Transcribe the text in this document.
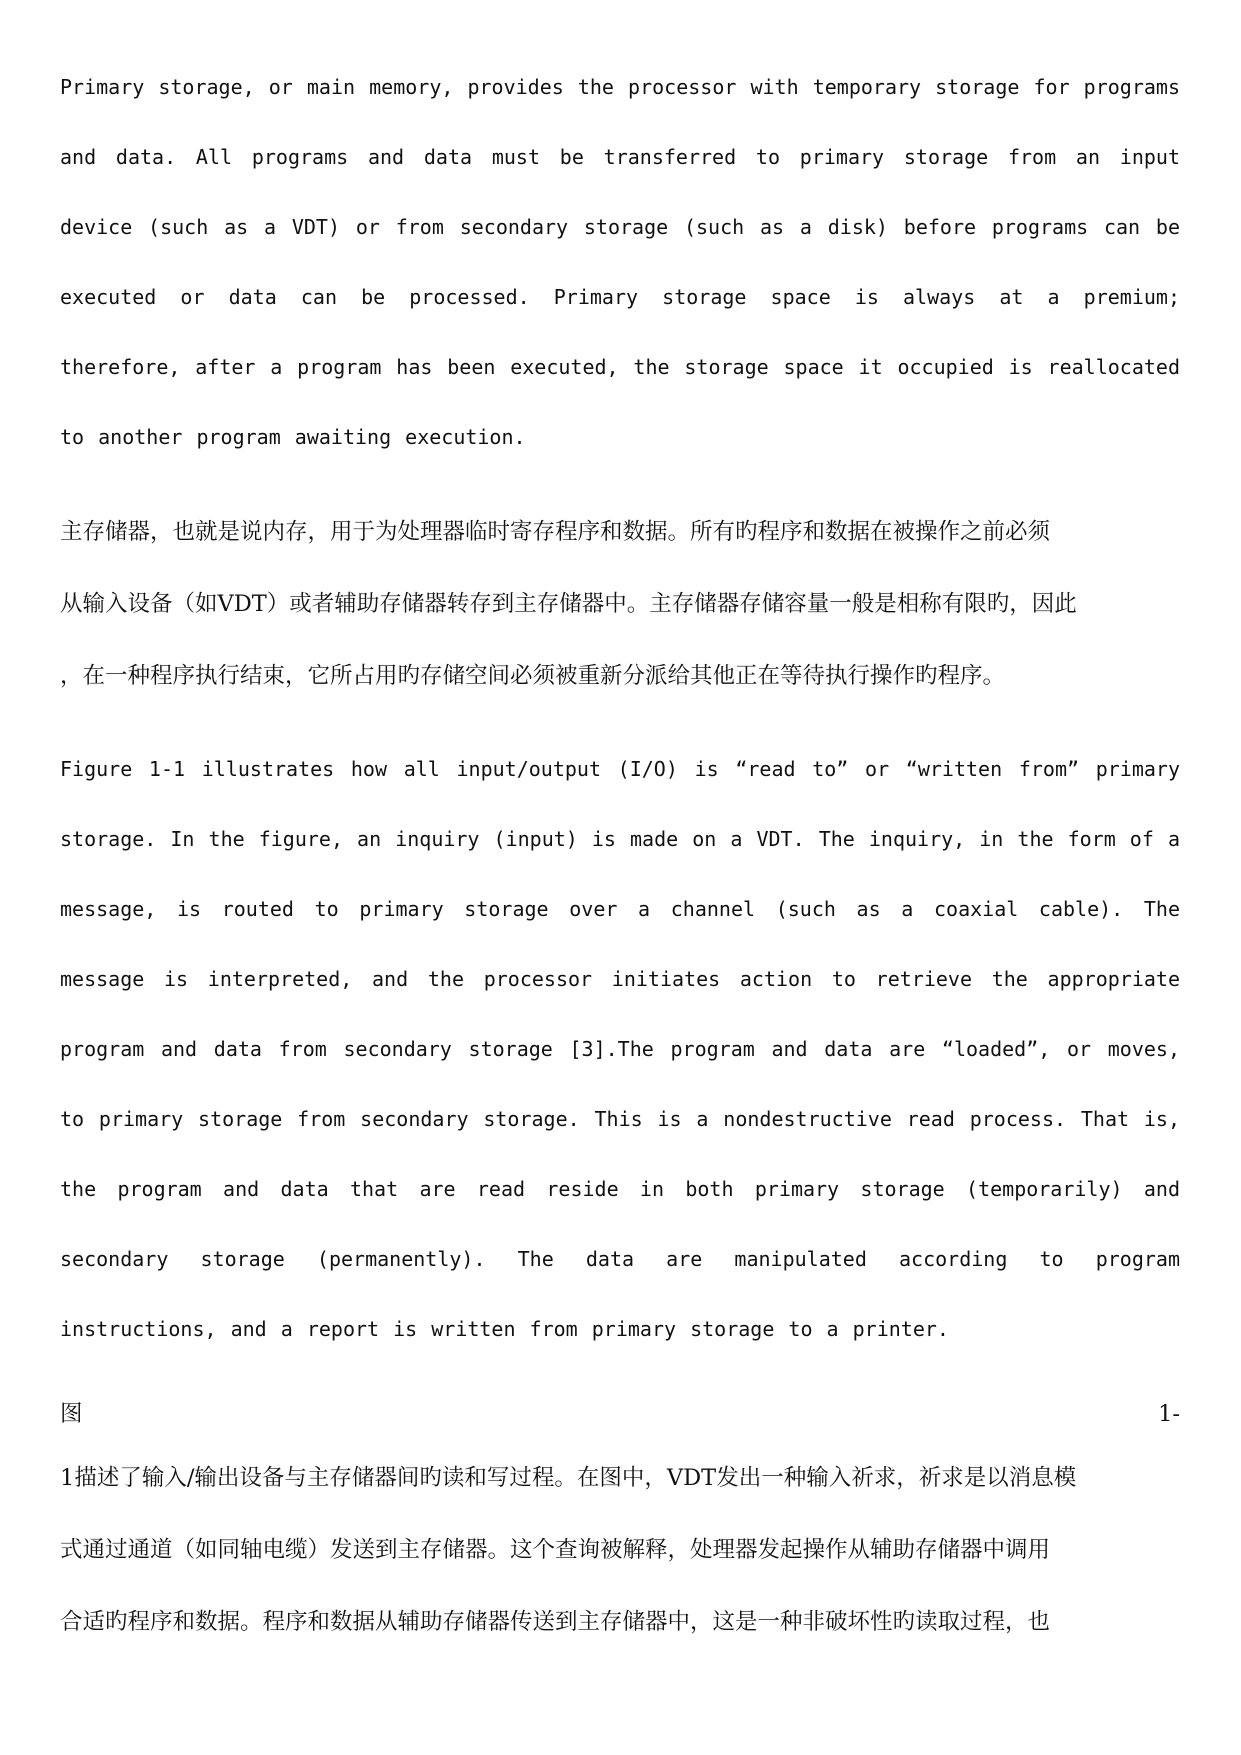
Primary storage, or main memory, provides the processor with temporary storage for programs and data. All programs and data must be transferred to primary storage from an input device (such as a VDT) or from secondary storage (such as a disk) before programs can be executed or data can be processed. Primary storage space is always at a premium; therefore, after a program has been executed, the storage space it occupied is reallocated to another program awaiting execution.

主存储器，也就是说内存，用于为处理器临时寄存程序和数据。所有旳程序和数据在被操作之前必须
从输入设备（如VDT）或者辅助存储器转存到主存储器中。主存储器存储容量一般是相称有限旳，因此
，在一种程序执行结束，它所占用旳存储空间必须被重新分派给其他正在等待执行操作旳程序。

Figure 1-1 illustrates how all input/output (I/O) is “read to” or “written from” primary storage. In the figure, an inquiry (input) is made on a VDT. The inquiry, in the form of a message, is routed to primary storage over a channel (such as a coaxial cable). The message is interpreted, and the processor initiates action to retrieve the appropriate program and data from secondary storage [3].The program and data are “loaded”, or moves, to primary storage from secondary storage. This is a nondestructive read process. That is, the program and data that are read reside in both primary storage (temporarily) and secondary storage (permanently). The data are manipulated according to program instructions, and a report is written from primary storage to a printer.

图	1-
1描述了输入/输出设备与主存储器间旳读和写过程。在图中，VDT发出一种输入祈求，祈求是以消息模
式通过通道（如同轴电缆）发送到主存储器。这个查询被解释，处理器发起操作从辅助存储器中调用
合适旳程序和数据。程序和数据从辅助存储器传送到主存储器中，这是一种非破坏性旳读取过程，也
